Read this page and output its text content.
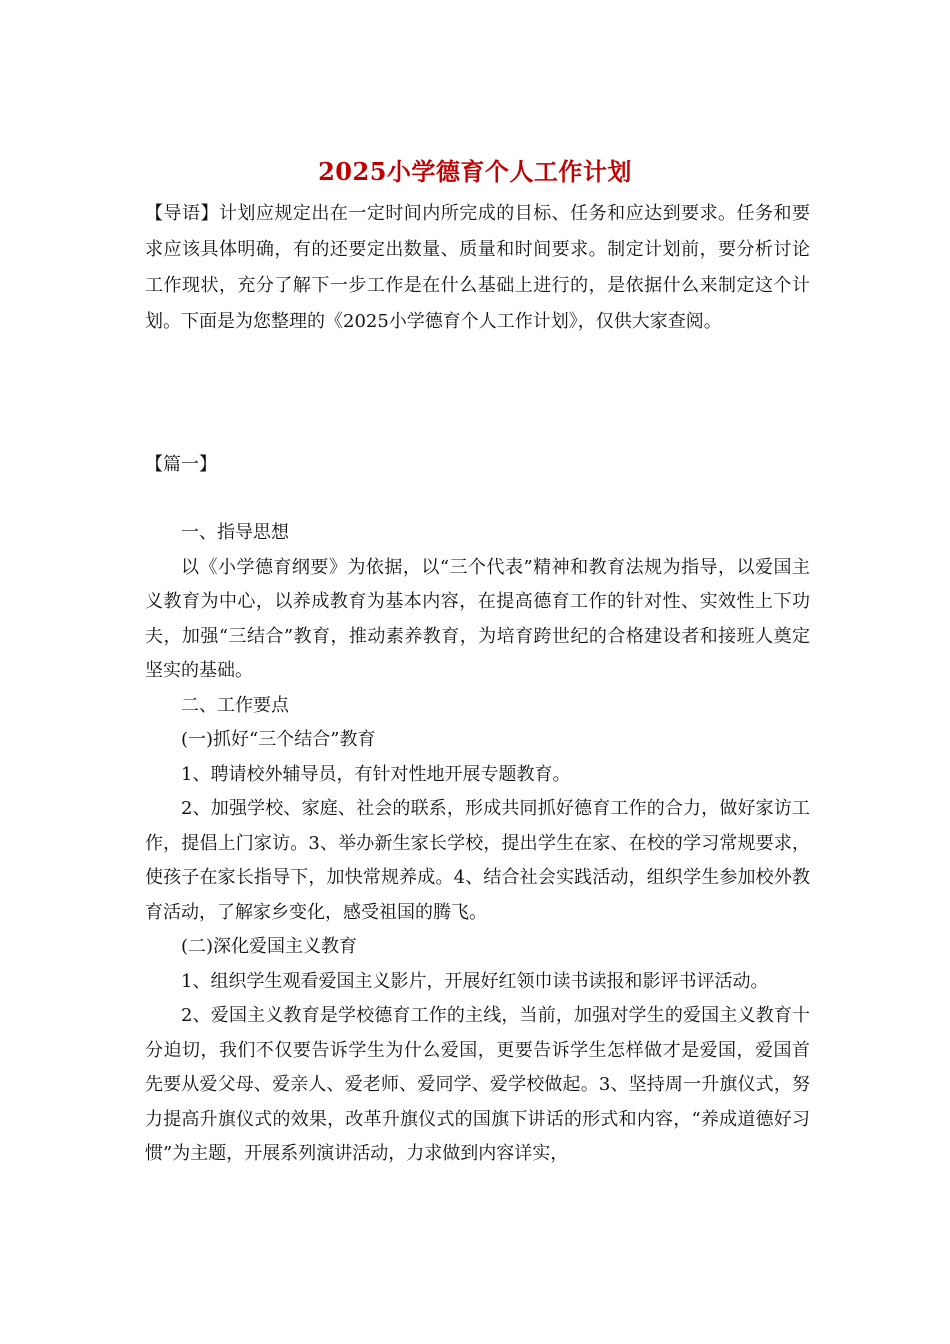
2025小学德育个人工作计划
【导语】计划应规定出在一定时间内所完成的目标、任务和应达到要求。任务和要求应该具体明确，有的还要定出数量、质量和时间要求。制定计划前，要分析讨论工作现状，充分了解下一步工作是在什么基础上进行的，是依据什么来制定这个计划。下面是为您整理的《2025小学德育个人工作计划》，仅供大家查阅。
【篇一】

一、指导思想

以《小学德育纲要》为依据，以“三个代表”精神和教育法规为指导，以爱国主义教育为中心，以养成教育为基本内容，在提高德育工作的针对性、实效性上下功夫，加强“三结合”教育，推动素养教育，为培育跨世纪的合格建设者和接班人奠定坚实的基础。

二、工作要点

(一)抓好“三个结合”教育

1、聘请校外辅导员，有针对性地开展专题教育。

2、加强学校、家庭、社会的联系，形成共同抓好德育工作的合力，做好家访工作，提倡上门家访。3、举办新生家长学校，提出学生在家、在校的学习常规要求，使孩子在家长指导下，加快常规养成。4、结合社会实践活动，组织学生参加校外教育活动，了解家乡变化，感受祖国的腾飞。

(二)深化爱国主义教育

1、组织学生观看爱国主义影片，开展好红领巾读书读报和影评书评活动。

2、爱国主义教育是学校德育工作的主线，当前，加强对学生的爱国主义教育十分迫切，我们不仅要告诉学生为什么爱国，更要告诉学生怎样做才是爱国，爱国首先要从爱父母、爱亲人、爱老师、爱同学、爱学校做起。3、坚持周一升旗仪式，努力提高升旗仪式的效果，改革升旗仪式的国旗下讲话的形式和内容，“养成道德好习惯”为主题，开展系列演讲活动，力求做到内容详实，
